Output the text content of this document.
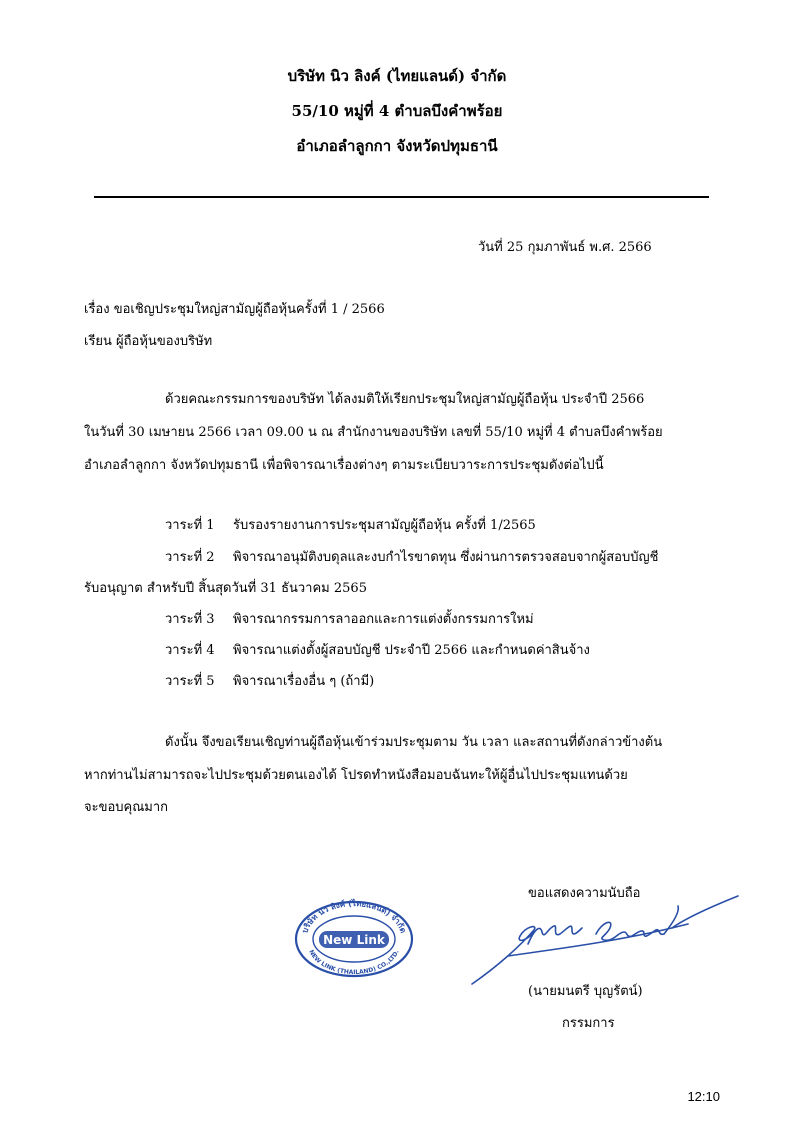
บริษัท นิว ลิงค์ (ไทยแลนด์) จำกัด
55/10 หมู่ที่ 4 ตำบลบึงคำพร้อย
อำเภอลำลูกกา จังหวัดปทุมธานี
วันที่ 25 กุมภาพันธ์ พ.ศ. 2566
เรื่อง ขอเชิญประชุมใหญ่สามัญผู้ถือหุ้นครั้งที่ 1 / 2566
เรียน ผู้ถือหุ้นของบริษัท
ด้วยคณะกรรมการของบริษัท ได้ลงมติให้เรียกประชุมใหญ่สามัญผู้ถือหุ้น ประจำปี 2566
ในวันที่ 30 เมษายน 2566 เวลา 09.00 น ณ สำนักงานของบริษัท เลขที่ 55/10 หมู่ที่ 4 ตำบลบึงคำพร้อย
อำเภอลำลูกกา จังหวัดปทุมธานี เพื่อพิจารณาเรื่องต่างๆ ตามระเบียบวาระการประชุมดังต่อไปนี้
วาระที่ 1 รับรองรายงานการประชุมสามัญผู้ถือหุ้น ครั้งที่ 1/2565
วาระที่ 2 พิจารณาอนุมัติงบดุลและงบกำไรขาดทุน ซึ่งผ่านการตรวจสอบจากผู้สอบบัญชี
รับอนุญาต สำหรับปี สิ้นสุดวันที่ 31 ธันวาคม 2565
วาระที่ 3 พิจารณากรรมการลาออกและการแต่งตั้งกรรมการใหม่
วาระที่ 4 พิจารณาแต่งตั้งผู้สอบบัญชี ประจำปี 2566 และกำหนดค่าสินจ้าง
วาระที่ 5 พิจารณาเรื่องอื่น ๆ (ถ้ามี)
ดังนั้น จึงขอเรียนเชิญท่านผู้ถือหุ้นเข้าร่วมประชุมตาม วัน เวลา และสถานที่ดังกล่าวข้างต้น
หากท่านไม่สามารถจะไปประชุมด้วยตนเองได้ โปรดทำหนังสือมอบฉันทะให้ผู้อื่นไปประชุมแทนด้วย
จะขอบคุณมาก
ขอแสดงความนับถือ
บริษัท นิว ลิงค์ (ไทยแลนด์) จำกัด
NEW LINK (THAILAND) CO.,LTD.
New Link
(นายมนตรี บุญรัตน์)
กรรมการ
12:10
